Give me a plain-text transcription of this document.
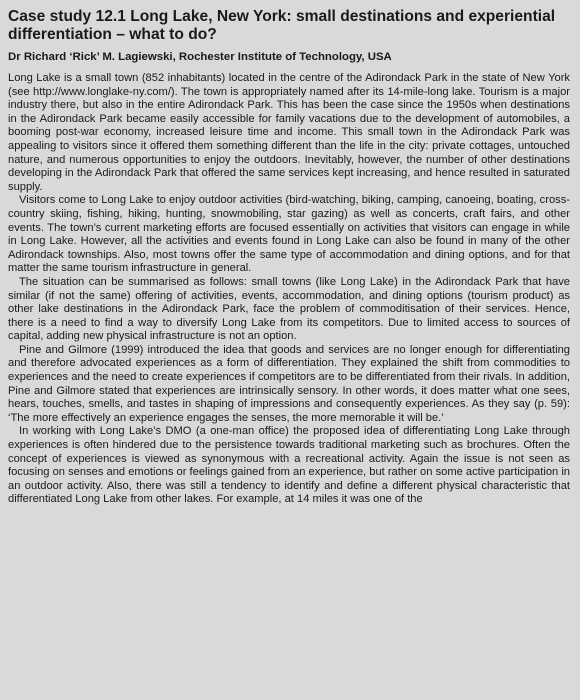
Case study 12.1 Long Lake, New York: small destinations and experiential differentiation – what to do?
Dr Richard ‘Rick’ M. Lagiewski, Rochester Institute of Technology, USA

Long Lake is a small town (852 inhabitants) located in the centre of the Adirondack Park in the state of New York (see http://www.longlake-ny.com/). The town is appropriately named after its 14-mile-long lake. Tourism is a major industry there, but also in the entire Adirondack Park. This has been the case since the 1950s when destinations in the Adirondack Park became easily accessible for family vacations due to the development of automobiles, a booming post-war economy, increased leisure time and income. This small town in the Adirondack Park was appealing to visitors since it offered them something different than the life in the city: private cottages, untouched nature, and numerous opportunities to enjoy the outdoors. Inevitably, however, the number of other destinations developing in the Adirondack Park that offered the same services kept increasing, and hence resulted in saturated supply.

Visitors come to Long Lake to enjoy outdoor activities (bird-watching, biking, camping, canoeing, boating, cross-country skiing, fishing, hiking, hunting, snowmobiling, star gazing) as well as concerts, craft fairs, and other events. The town’s current marketing efforts are focused essentially on activities that visitors can engage in while in Long Lake. However, all the activities and events found in Long Lake can also be found in many of the other Adirondack townships. Also, most towns offer the same type of accommodation and dining options, and for that matter the same tourism infrastructure in general.

The situation can be summarised as follows: small towns (like Long Lake) in the Adirondack Park that have similar (if not the same) offering of activities, events, accommodation, and dining options (tourism product) as other lake destinations in the Adirondack Park, face the problem of commoditisation of their services. Hence, there is a need to find a way to diversify Long Lake from its competitors. Due to limited access to sources of capital, adding new physical infrastructure is not an option.

Pine and Gilmore (1999) introduced the idea that goods and services are no longer enough for differentiating and therefore advocated experiences as a form of differentiation. They explained the shift from commodities to experiences and the need to create experiences if competitors are to be differentiated from their rivals. In addition, Pine and Gilmore stated that experiences are intrinsically sensory. In other words, it does matter what one sees, hears, touches, smells, and tastes in shaping of impressions and consequently experiences. As they say (p. 59): ‘The more effectively an experience engages the senses, the more memorable it will be.’

In working with Long Lake’s DMO (a one-man office) the proposed idea of differentiating Long Lake through experiences is often hindered due to the persistence towards traditional marketing such as brochures. Often the concept of experiences is viewed as synonymous with a recreational activity. Again the issue is not seen as focusing on senses and emotions or feelings gained from an experience, but rather on some active participation in an outdoor activity. Also, there was still a tendency to identify and define a different physical characteristic that differentiated Long Lake from other lakes. For example, at 14 miles it was one of the
